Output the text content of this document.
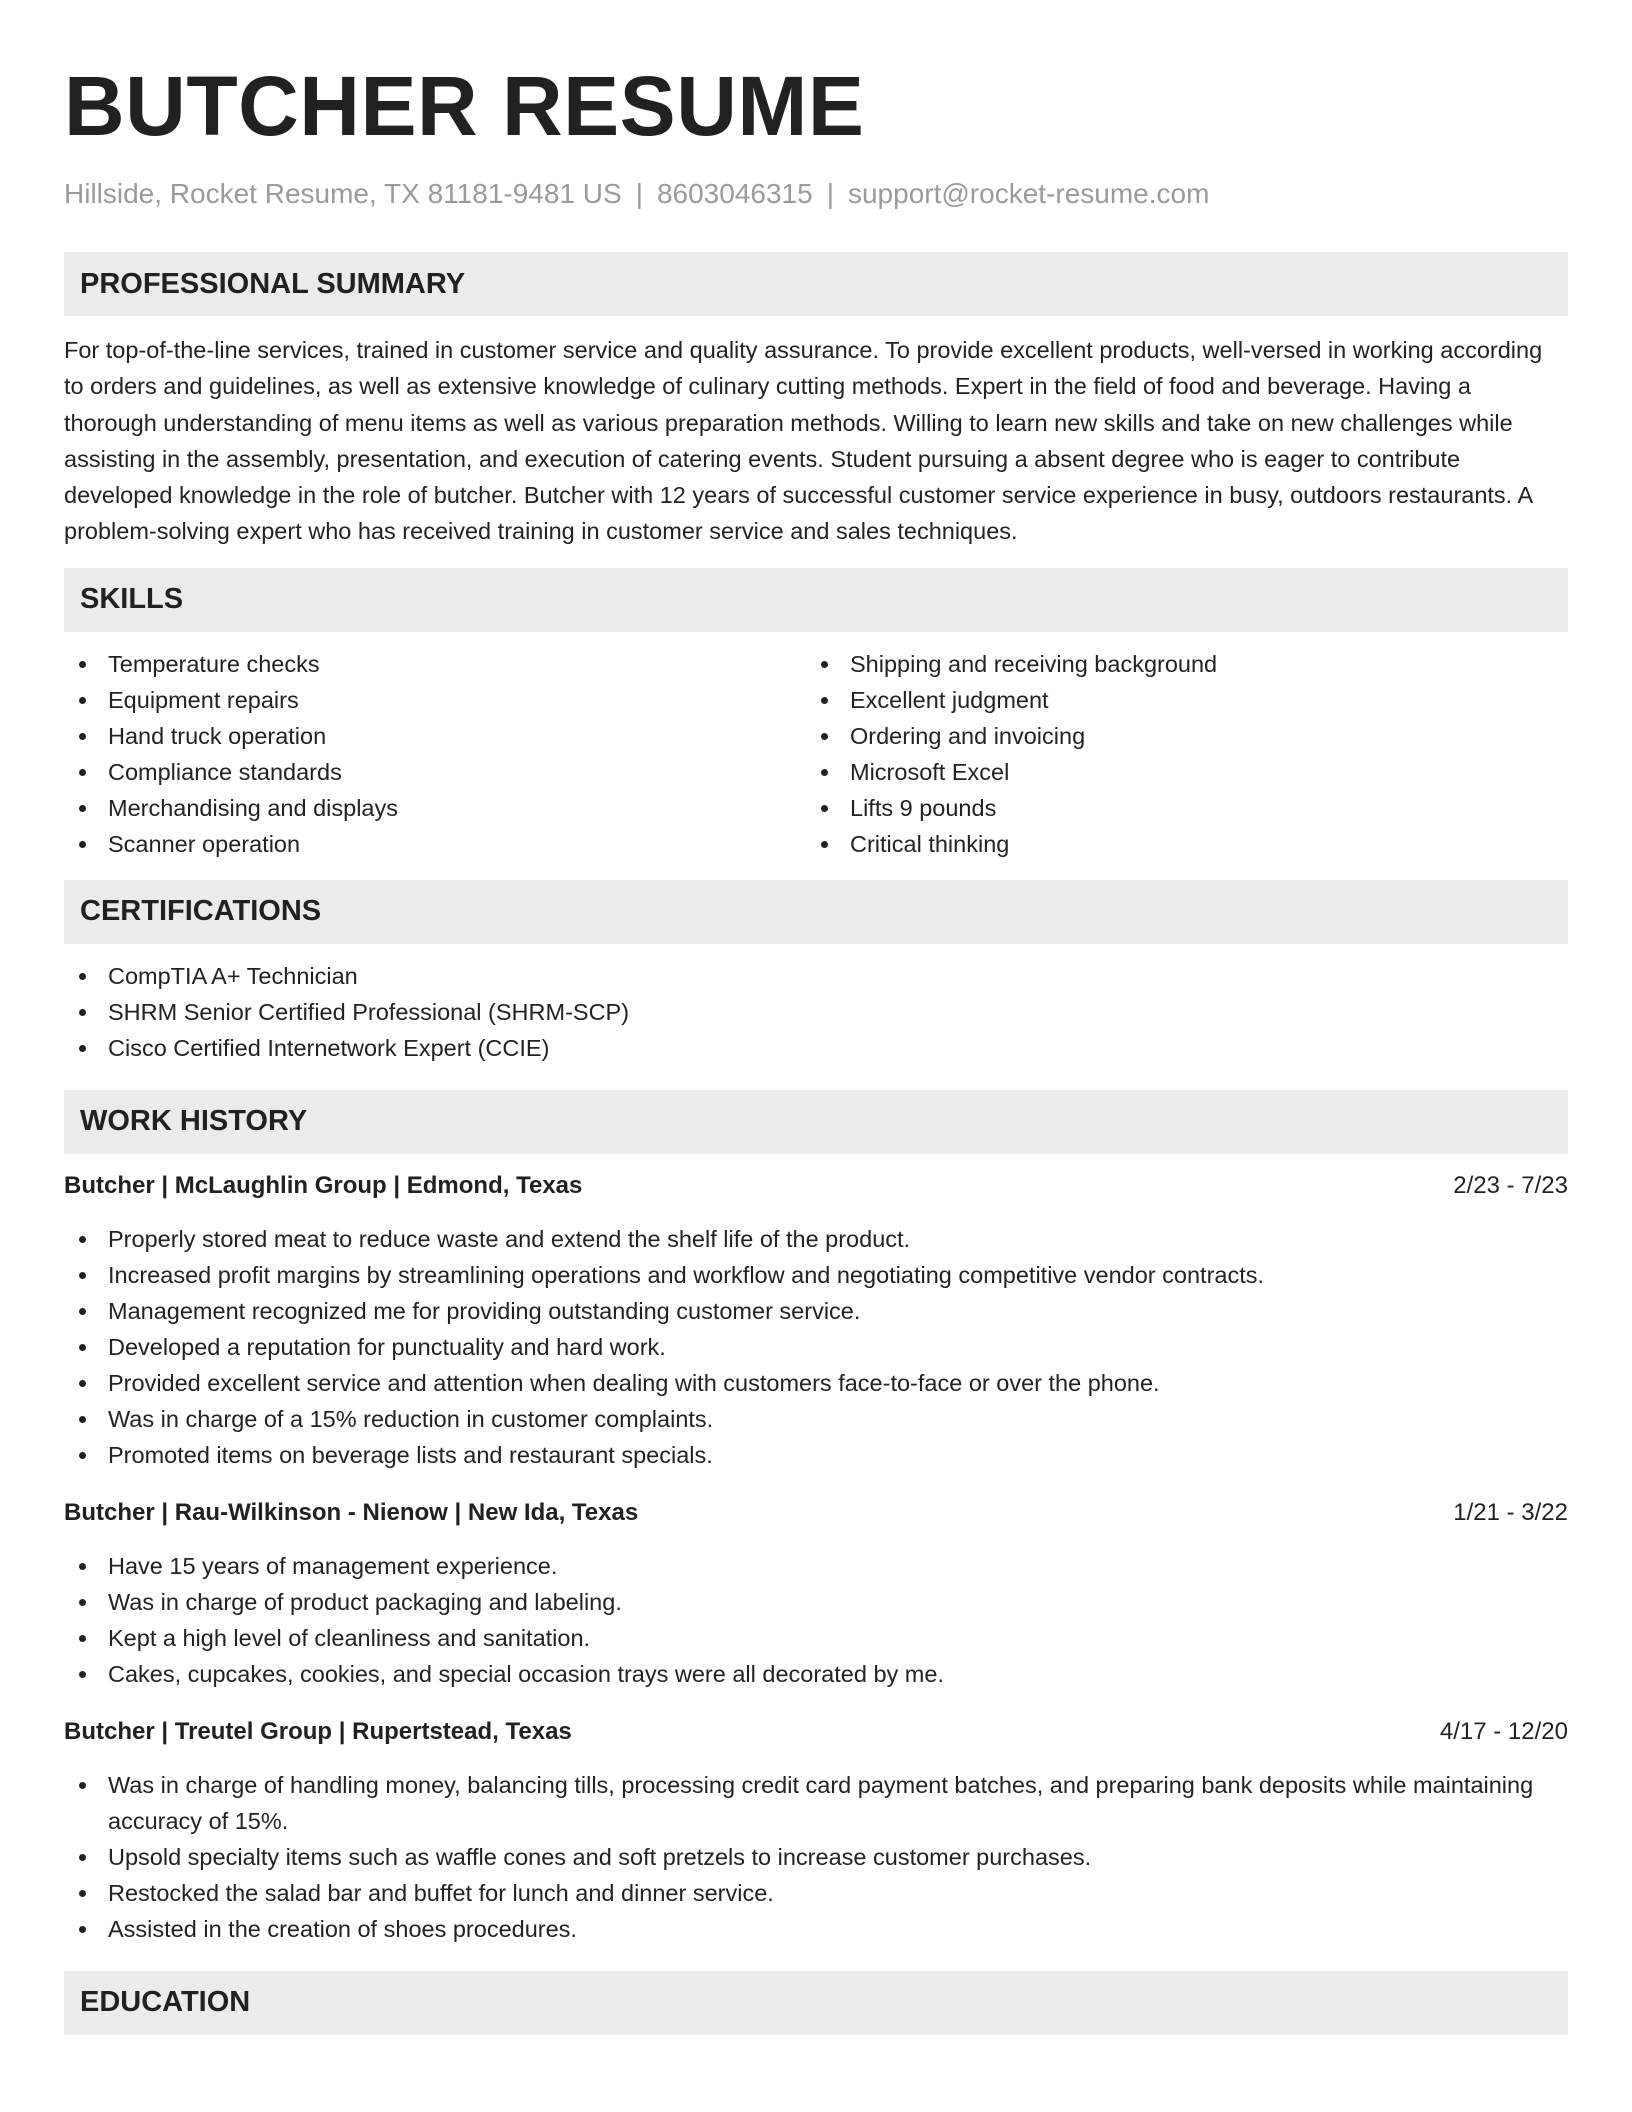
BUTCHER RESUME
Hillside, Rocket Resume, TX 81181-9481 US | 8603046315 | support@rocket-resume.com
PROFESSIONAL SUMMARY

For top-of-the-line services, trained in customer service and quality assurance. To provide excellent products, well-versed in working according to orders and guidelines, as well as extensive knowledge of culinary cutting methods. Expert in the field of food and beverage. Having a thorough understanding of menu items as well as various preparation methods. Willing to learn new skills and take on new challenges while assisting in the assembly, presentation, and execution of catering events. Student pursuing a absent degree who is eager to contribute developed knowledge in the role of butcher. Butcher with 12 years of successful customer service experience in busy, outdoors restaurants. A problem-solving expert who has received training in customer service and sales techniques.

SKILLS
Temperature checks
Equipment repairs
Hand truck operation
Compliance standards
Merchandising and displays
Scanner operation
Shipping and receiving background
Excellent judgment
Ordering and invoicing
Microsoft Excel
Lifts 9 pounds
Critical thinking
CERTIFICATIONS
CompTIA A+ Technician
SHRM Senior Certified Professional (SHRM-SCP)
Cisco Certified Internetwork Expert (CCIE)
WORK HISTORY
Butcher | McLaughlin Group | Edmond, Texas	2/23 - 7/23
Properly stored meat to reduce waste and extend the shelf life of the product.
Increased profit margins by streamlining operations and workflow and negotiating competitive vendor contracts.
Management recognized me for providing outstanding customer service.
Developed a reputation for punctuality and hard work.
Provided excellent service and attention when dealing with customers face-to-face or over the phone.
Was in charge of a 15% reduction in customer complaints.
Promoted items on beverage lists and restaurant specials.
Butcher | Rau-Wilkinson - Nienow | New Ida, Texas	1/21 - 3/22
Have 15 years of management experience.
Was in charge of product packaging and labeling.
Kept a high level of cleanliness and sanitation.
Cakes, cupcakes, cookies, and special occasion trays were all decorated by me.
Butcher | Treutel Group | Rupertstead, Texas	4/17 - 12/20
Was in charge of handling money, balancing tills, processing credit card payment batches, and preparing bank deposits while maintaining accuracy of 15%.
Upsold specialty items such as waffle cones and soft pretzels to increase customer purchases.
Restocked the salad bar and buffet for lunch and dinner service.
Assisted in the creation of shoes procedures.
EDUCATION
